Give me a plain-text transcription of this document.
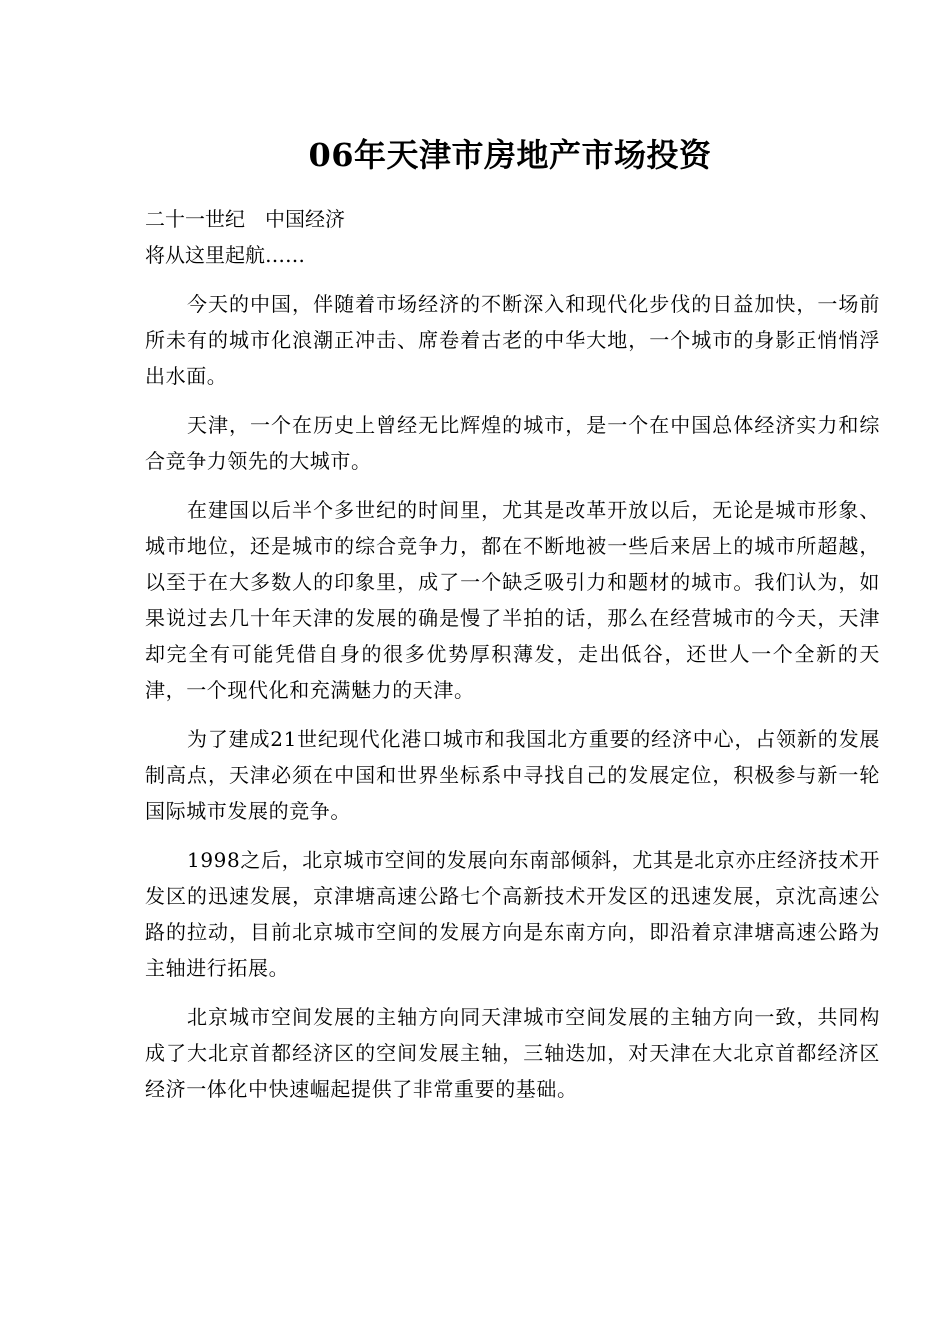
06年天津市房地产市场投资

二十一世纪　中国经济

将从这里起航……

今天的中国，伴随着市场经济的不断深入和现代化步伐的日益加快，一场前所未有的城市化浪潮正冲击、席卷着古老的中华大地，一个城市的身影正悄悄浮出水面。

天津，一个在历史上曾经无比辉煌的城市，是一个在中国总体经济实力和综合竞争力领先的大城市。

在建国以后半个多世纪的时间里，尤其是改革开放以后，无论是城市形象、城市地位，还是城市的综合竞争力，都在不断地被一些后来居上的城市所超越，以至于在大多数人的印象里，成了一个缺乏吸引力和题材的城市。我们认为，如果说过去几十年天津的发展的确是慢了半拍的话，那么在经营城市的今天，天津却完全有可能凭借自身的很多优势厚积薄发，走出低谷，还世人一个全新的天津，一个现代化和充满魅力的天津。

为了建成21世纪现代化港口城市和我国北方重要的经济中心，占领新的发展制高点，天津必须在中国和世界坐标系中寻找自己的发展定位，积极参与新一轮国际城市发展的竞争。

1998之后，北京城市空间的发展向东南部倾斜，尤其是北京亦庄经济技术开发区的迅速发展，京津塘高速公路七个高新技术开发区的迅速发展，京沈高速公路的拉动，目前北京城市空间的发展方向是东南方向，即沿着京津塘高速公路为主轴进行拓展。

北京城市空间发展的主轴方向同天津城市空间发展的主轴方向一致，共同构成了大北京首都经济区的空间发展主轴，三轴迭加，对天津在大北京首都经济区经济一体化中快速崛起提供了非常重要的基础。
